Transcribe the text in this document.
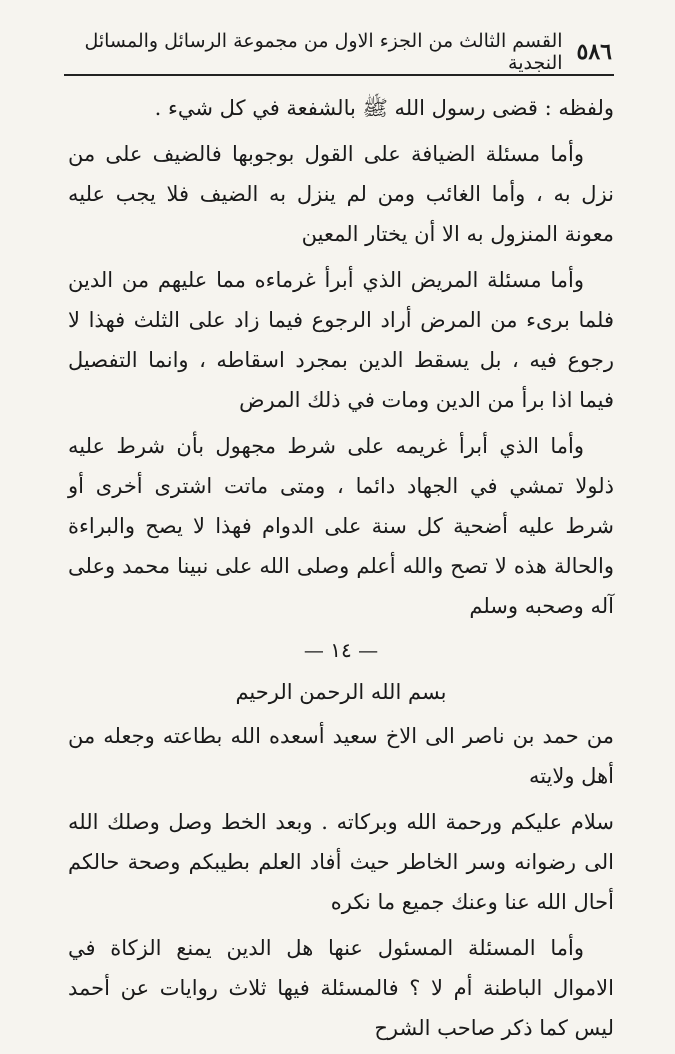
٥٨٦
القسم الثالث من الجزء الاول من مجموعة الرسائل والمسائل النجدية

ولفظه : قضى رسول الله ﷺ بالشفعة في كل شيء .

وأما مسئلة الضيافة على القول بوجوبها فالضيف على من نزل به ، وأما الغائب ومن لم ينزل به الضيف فلا يجب عليه معونة المنزول به الا أن يختار المعين

وأما مسئلة المريض الذي أبرأ غرماءه مما عليهم من الدين فلما برىء من المرض أراد الرجوع فيما زاد على الثلث فهذا لا رجوع فيه ، بل يسقط الدين بمجرد اسقاطه ، وانما التفصيل فيما اذا برأ من الدين ومات في ذلك المرض

وأما الذي أبرأ غريمه على شرط مجهول بأن شرط عليه ذلولا تمشي في الجهاد دائما ، ومتى ماتت اشترى أخرى أو شرط عليه أضحية كل سنة على الدوام فهذا لا يصح والبراءة والحالة هذه لا تصح والله أعلم وصلى الله على نبينا محمد وعلى آله وصحبه وسلم

— ١٤ —
بسم الله الرحمن الرحيم

من حمد بن ناصر الى الاخ سعيد أسعده الله بطاعته وجعله من أهل ولايته

سلام عليكم ورحمة الله وبركاته . وبعد الخط وصل وصلك الله الى رضوانه وسر الخاطر حيث أفاد العلم بطيبكم وصحة حالكم أحال الله عنا وعنك جميع ما نكره

وأما المسئلة المسئول عنها هل الدين يمنع الزكاة في الاموال الباطنة أم لا ؟ فالمسئلة فيها ثلاث روايات عن أحمد ليس كما ذكر صاحب الشرح
